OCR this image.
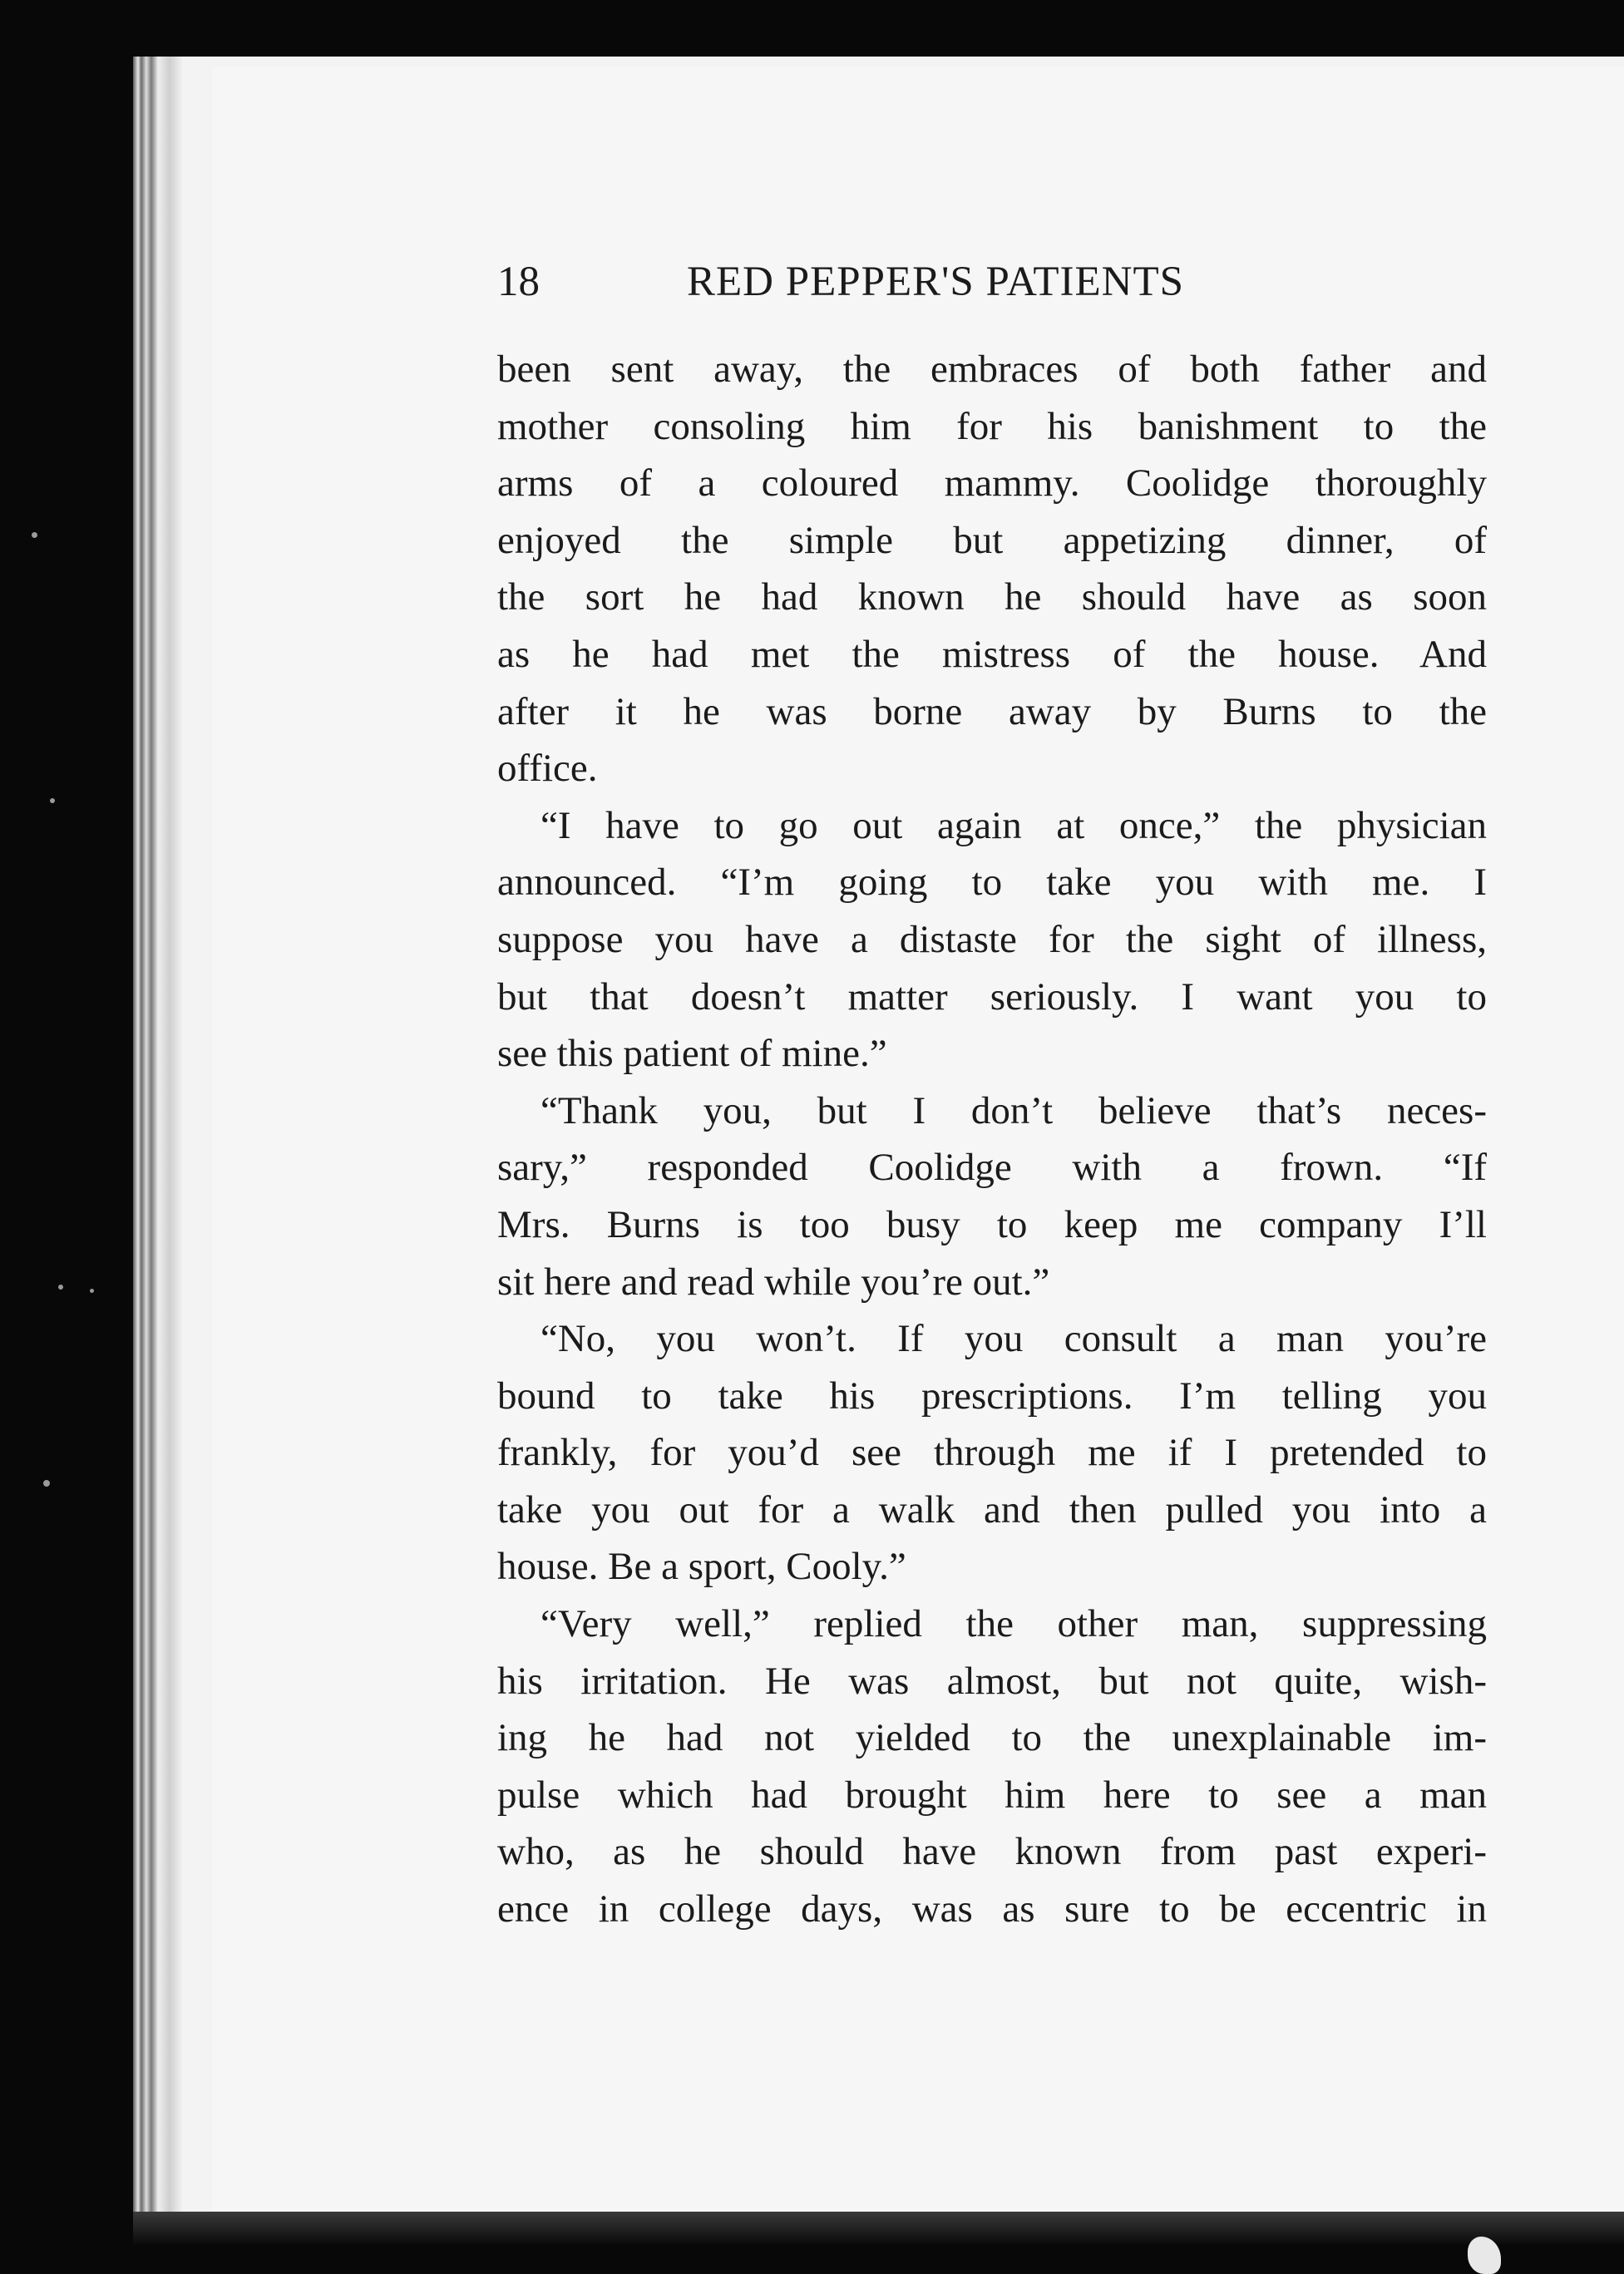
18	RED PEPPER'S PATIENTS
been sent away, the embraces of both father and
mother consoling him for his banishment to the
arms of a coloured mammy. Coolidge thoroughly
enjoyed the simple but appetizing dinner, of
the sort he had known he should have as soon
as he had met the mistress of the house. And
after it he was borne away by Burns to the
office.
“I have to go out again at once,” the physician
announced. “I’m going to take you with me. I
suppose you have a distaste for the sight of illness,
but that doesn’t matter seriously. I want you to
see this patient of mine.”
“Thank you, but I don’t believe that’s neces-
sary,” responded Coolidge with a frown. “If
Mrs. Burns is too busy to keep me company I’ll
sit here and read while you’re out.”
“No, you won’t. If you consult a man you’re
bound to take his prescriptions. I’m telling you
frankly, for you’d see through me if I pretended to
take you out for a walk and then pulled you into a
house. Be a sport, Cooly.”
“Very well,” replied the other man, suppressing
his irritation. He was almost, but not quite, wish-
ing he had not yielded to the unexplainable im-
pulse which had brought him here to see a man
who, as he should have known from past experi-
ence in college days, was as sure to be eccentric in
